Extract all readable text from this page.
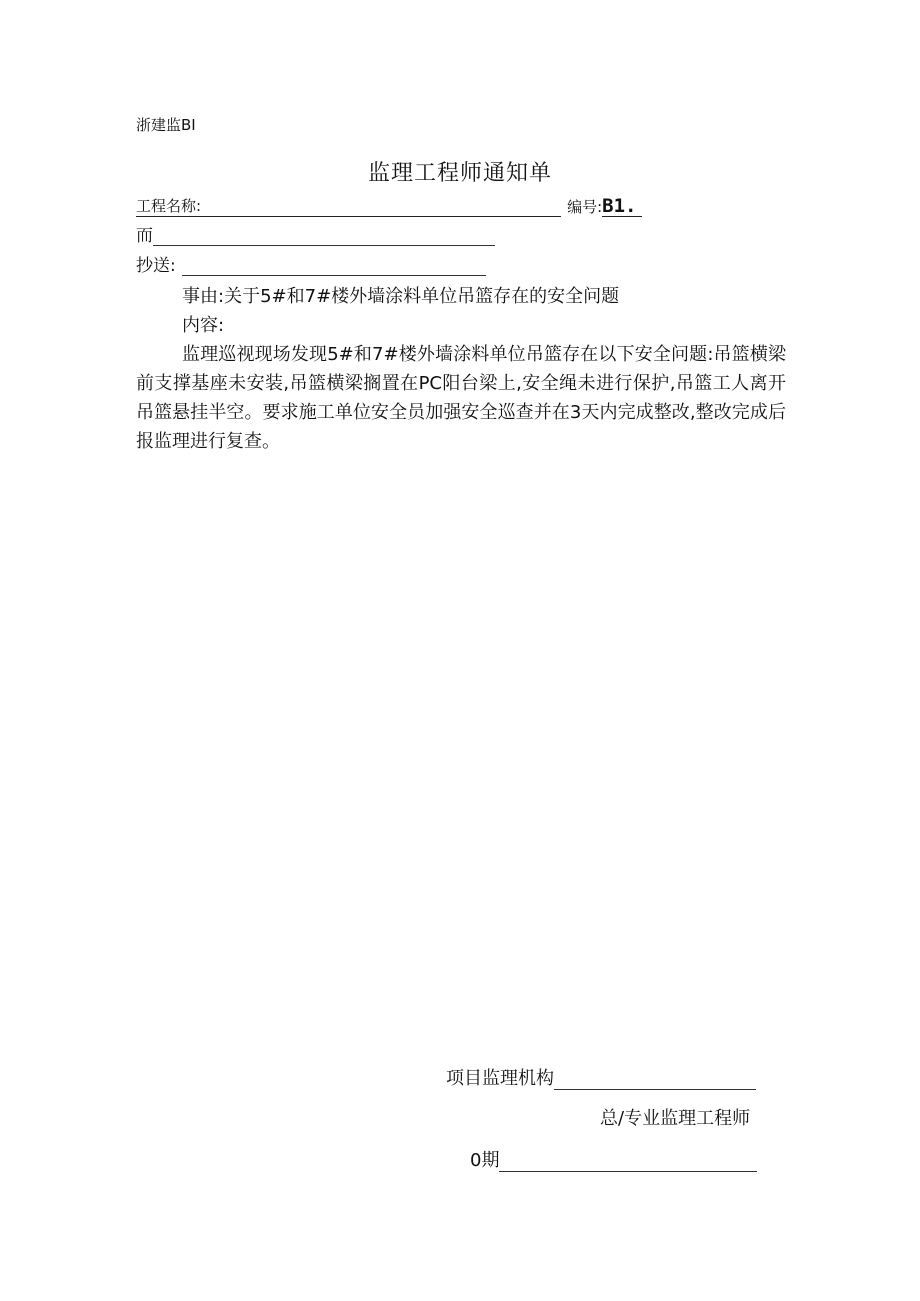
浙建监BI
监理工程师通知单
工程名称:	编号: B1.
而
抄送:
事由:关于5#和7#楼外墙涂料单位吊篮存在的安全问题
内容:
监理巡视现场发现5#和7#楼外墙涂料单位吊篮存在以下安全问题:吊篮横梁前支撑基座未安装,吊篮横梁搁置在PC阳台梁上,安全绳未进行保护,吊篮工人离开吊篮悬挂半空。要求施工单位安全员加强安全巡查并在3天内完成整改,整改完成后报监理进行复查。
项目监理机构
总/专业监理工程师
0期
